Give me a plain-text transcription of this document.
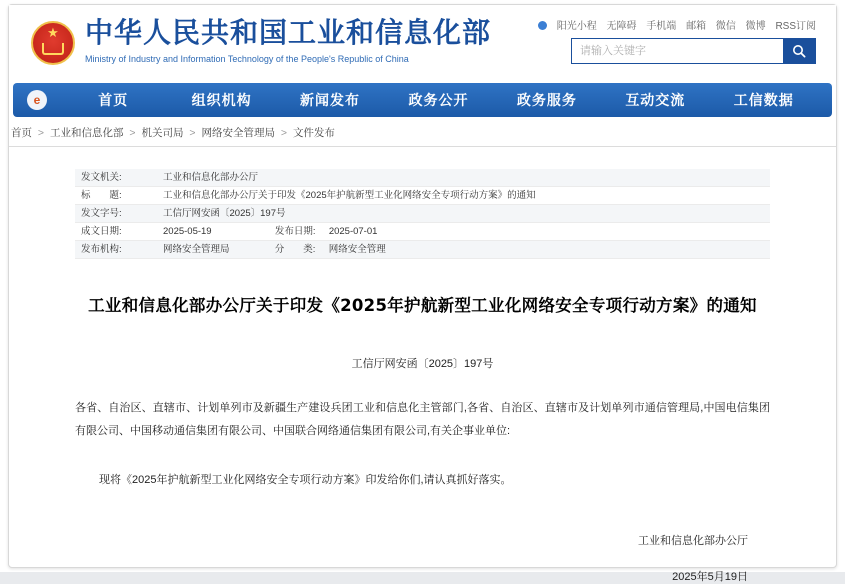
★
中华人民共和国工业和信息化部
Ministry of Industry and Information Technology of the People's Republic of China
阳光小程 无障碍 手机端 邮箱 微信 微博 RSS订阅
请输入关键字
e	首页	组织机构	新闻发布	政务公开	政务服务	互动交流	工信数据
首页 > 工业和信息化部 > 机关司局 > 网络安全管理局 > 文件发布
发文机关:	工业和信息化部办公厅
标　　题:	工业和信息化部办公厅关于印发《2025年护航新型工业化网络安全专项行动方案》的通知
发文字号:	工信厅网安函〔2025〕197号
成文日期:	2025-05-19 发布日期: 2025-07-01
发布机构:	网络安全管理局 分　　类: 网络安全管理
工业和信息化部办公厅关于印发《2025年护航新型工业化网络安全专项行动方案》的通知
工信厅网安函〔2025〕197号
各省、自治区、直辖市、计划单列市及新疆生产建设兵团工业和信息化主管部门,各省、自治区、直辖市及计划单列市通信管理局,中国电信集团有限公司、中国移动通信集团有限公司、中国联合网络通信集团有限公司,有关企事业单位:
现将《2025年护航新型工业化网络安全专项行动方案》印发给你们,请认真抓好落实。
工业和信息化部办公厅
2025年5月19日
